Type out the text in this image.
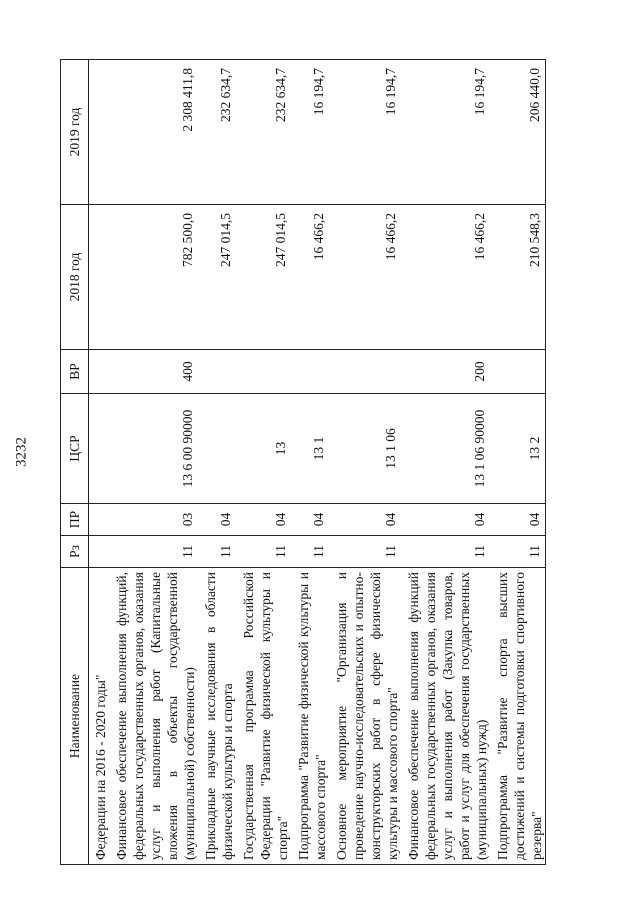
3232
Наименование	Рз	ПР	ЦСР	ВР	2018 год	2019 год
Федерации на 2016 - 2020 годы"						
Финансовое обеспечение выполнения функций, федеральных государственных органов, оказания услуг и выполнения работ (Капитальные вложения в объекты государственной (муниципальной) собственности)	11	03	13 6 00 90000	400	782 500,0	2 308 411,8
Прикладные научные исследования в области физической культуры и спорта	11	04			247 014,5	232 634,7
Государственная программа Российской Федерации "Развитие физической культуры и спорта"	11	04	13		247 014,5	232 634,7
Подпрограмма "Развитие физической культуры и массового спорта"	11	04	13 1		16 466,2	16 194,7
Основное мероприятие "Организация и проведение научно-исследовательских и опытно-конструкторских работ в сфере физической культуры и массового спорта"	11	04	13 1 06		16 466,2	16 194,7
Финансовое обеспечение выполнения функций федеральных государственных органов, оказания услуг и выполнения работ (Закупка товаров, работ и услуг для обеспечения государственных (муниципальных) нужд)	11	04	13 1 06 90000	200	16 466,2	16 194,7
Подпрограмма "Развитие спорта высших достижений и системы подготовки спортивного резерва"	11	04	13 2		210 548,3	206 440,0
